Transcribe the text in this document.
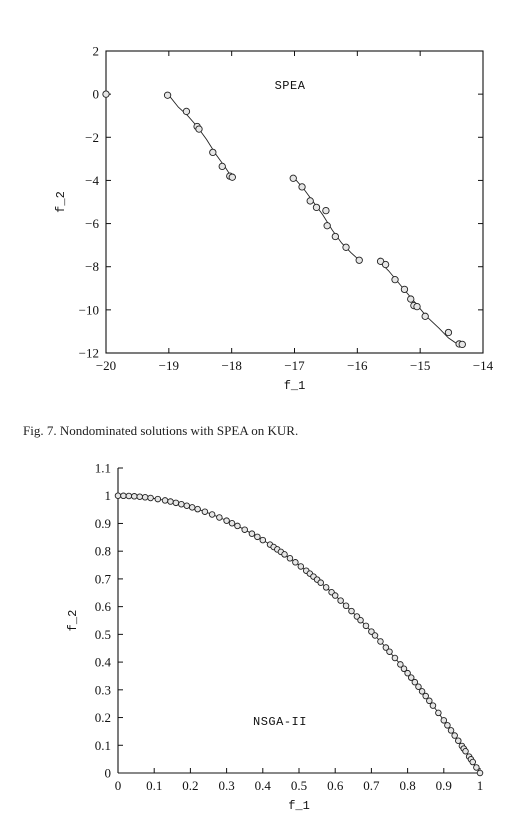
Fig. 7. Nondominated solutions with SPEA on KUR.
−20	−19	−18	−17	−16	−15	−14
2
0
−2
−4
−6
−8
−10
−12
f_1
f_2
SPEA
0 0.1 0.2 0.3 0.4 0.5 0.6 0.7 0.8 0.9 1
1.1
1
0.9
0.8
0.7
0.6
0.5
0.4
0.3
0.2
0.1
0
f_1
f_2
NSGA-II
